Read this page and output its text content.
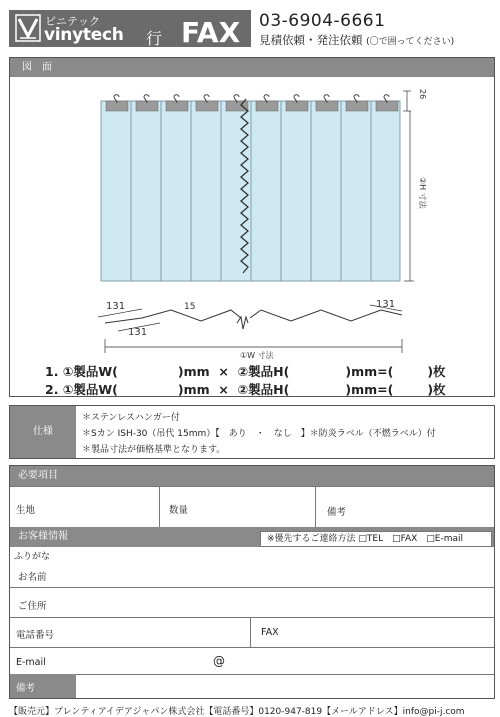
ビニテック
vinytech 行 FAX 03-6904-6661
見積依頼・発注依頼 (〇で囲ってください)
図　面
26
②H 寸法
131
131
131
15
①W 寸法
1. ①製品W(	)mm × ②製品H(	)mm=(	)枚
2. ①製品W(	)mm × ②製品H(	)mm=(	)枚
仕様
＊ステンレスハンガー付
＊Sカン ISH-30（吊代 15mm）【　あり　・　なし　】＊防炎ラベル（不燃ラベル）付
＊製品寸法が価格基準となります。
必要項目
生地	数量	備考
お客様情報	※優先するご連絡方法 □TEL　□FAX　□E-mail
ふりがな
お名前
ご住所
電話番号	FAX
E-mail	@
備考
【販売元】プレンティアイデアジャパン株式会社【電話番号】0120-947-819【メールアドレス】info@pi-j.com
